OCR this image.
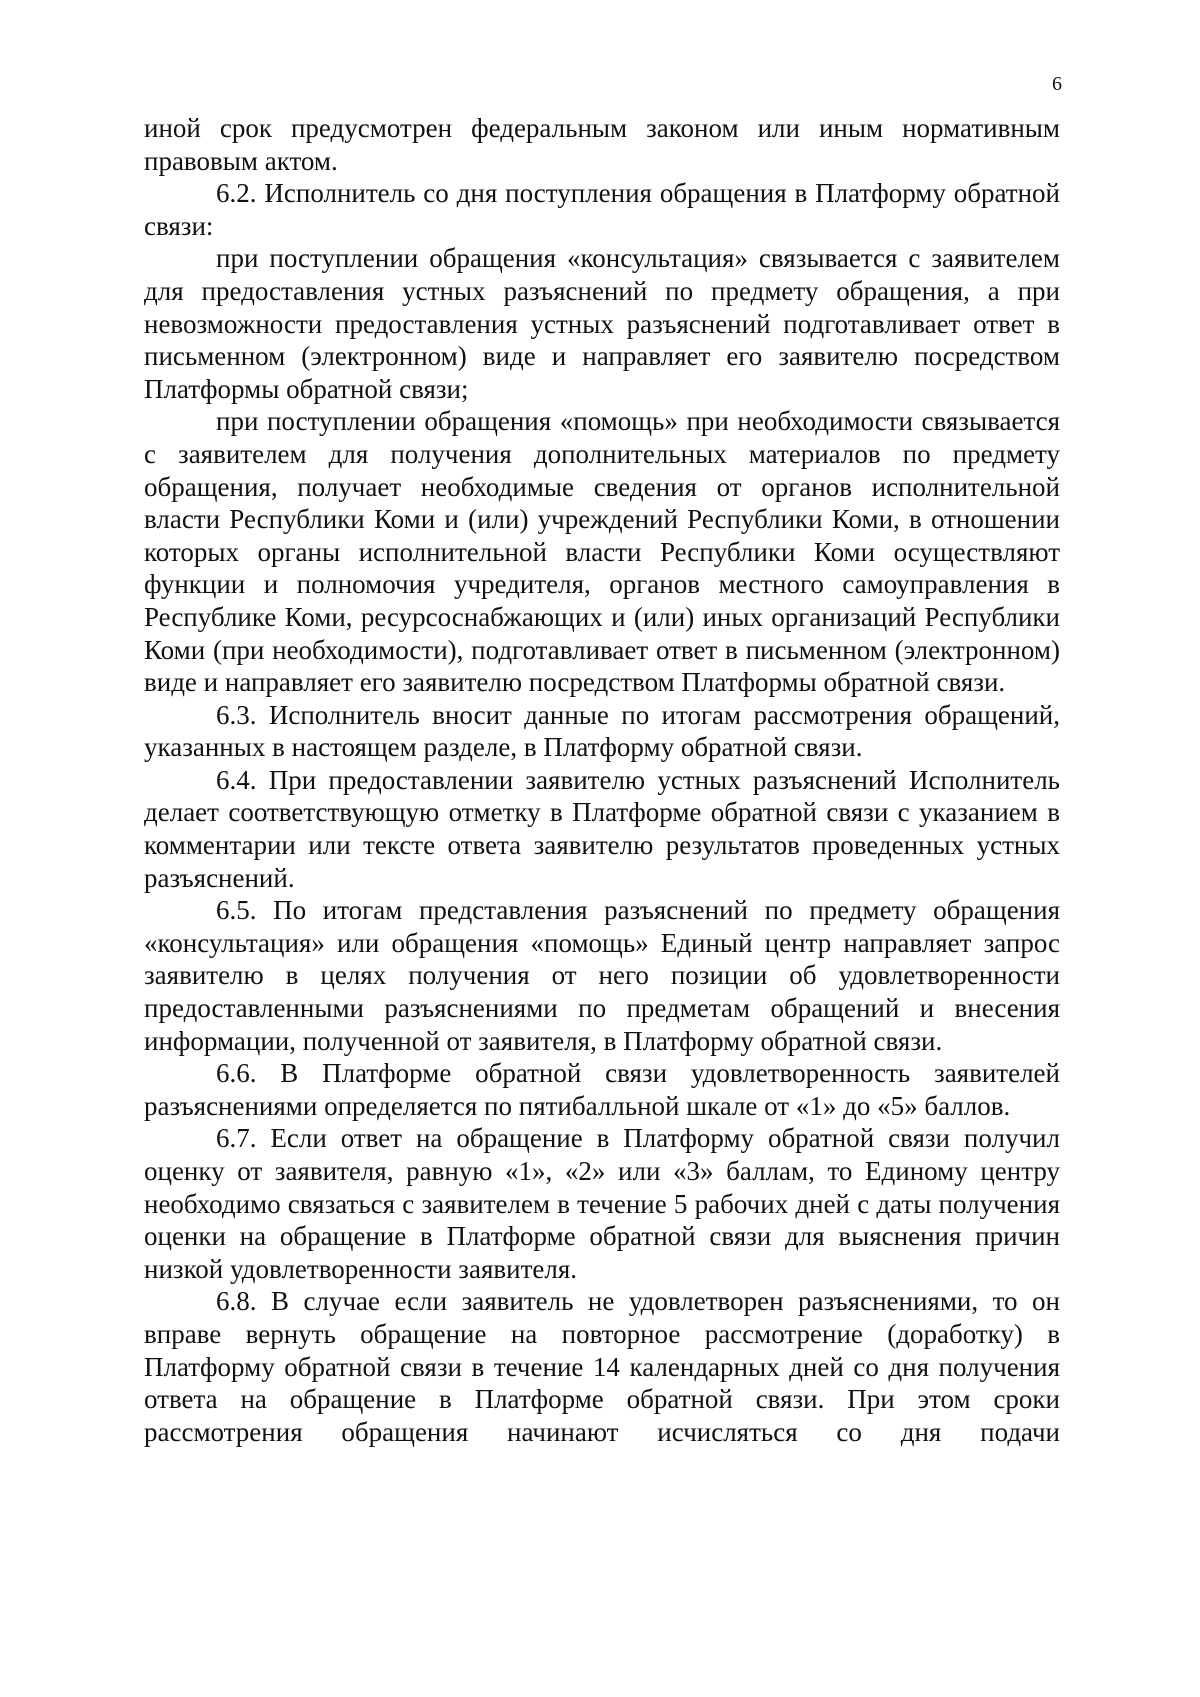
6

иной срок предусмотрен федеральным законом или иным нормативным правовым актом.

6.2. Исполнитель со дня поступления обращения в Платформу обратной связи:

при поступлении обращения «консультация» связывается с заявителем для предоставления устных разъяснений по предмету обращения, а при невозможности предоставления устных разъяснений подготавливает ответ в письменном (электронном) виде и направляет его заявителю посредством Платформы обратной связи;

при поступлении обращения «помощь» при необходимости связывается с заявителем для получения дополнительных материалов по предмету обращения, получает необходимые сведения от органов исполнительной власти Республики Коми и (или) учреждений Республики Коми, в отношении которых органы исполнительной власти Республики Коми осуществляют функции и полномочия учредителя, органов местного самоуправления в Республике Коми, ресурсоснабжающих и (или) иных организаций Республики Коми (при необходимости), подготавливает ответ в письменном (электронном) виде и направляет его заявителю посредством Платформы обратной связи.

6.3. Исполнитель вносит данные по итогам рассмотрения обращений, указанных в настоящем разделе, в Платформу обратной связи.

6.4. При предоставлении заявителю устных разъяснений Исполнитель делает соответствующую отметку в Платформе обратной связи с указанием в комментарии или тексте ответа заявителю результатов проведенных устных разъяснений.

6.5. По итогам представления разъяснений по предмету обращения «консультация» или обращения «помощь» Единый центр направляет запрос заявителю в целях получения от него позиции об удовлетворенности предоставленными разъяснениями по предметам обращений и внесения информации, полученной от заявителя, в Платформу обратной связи.

6.6. В Платформе обратной связи удовлетворенность заявителей разъяснениями определяется по пятибалльной шкале от «1» до «5» баллов.

6.7. Если ответ на обращение в Платформу обратной связи получил оценку от заявителя, равную «1», «2» или «3» баллам, то Единому центру необходимо связаться с заявителем в течение 5 рабочих дней с даты получения оценки на обращение в Платформе обратной связи для выяснения причин низкой удовлетворенности заявителя.

6.8. В случае если заявитель не удовлетворен разъяснениями, то он вправе вернуть обращение на повторное рассмотрение (доработку) в Платформу обратной связи в течение 14 календарных дней со дня получения ответа на обращение в Платформе обратной связи. При этом сроки рассмотрения обращения начинают исчисляться со дня подачи
